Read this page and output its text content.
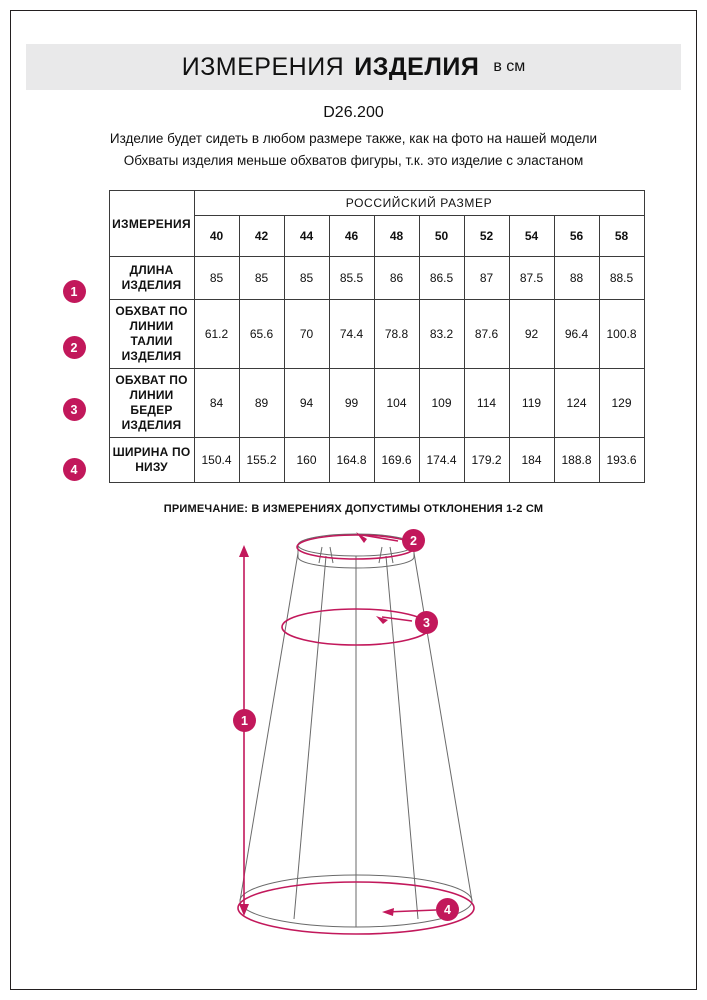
ИЗМЕРЕНИЯ ИЗДЕЛИЯ в см
D26.200
Изделие будет сидеть в любом размере также, как на фото на нашей модели
Обхваты изделия меньше обхватов фигуры, т.к. это изделие с эластаном
1
2
3
4
ИЗМЕРЕНИЯ	РОССИЙСКИЙ РАЗМЕР									
	40	42	44	46	48	50	52	54	56	58
ДЛИНА ИЗДЕЛИЯ	85	85	85	85.5	86	86.5	87	87.5	88	88.5
ОБХВАТ ПО ЛИНИИ ТАЛИИ ИЗДЕЛИЯ	61.2	65.6	70	74.4	78.8	83.2	87.6	92	96.4	100.8
ОБХВАТ ПО ЛИНИИ БЕДЕР ИЗДЕЛИЯ	84	89	94	99	104	109	114	119	124	129
ШИРИНА ПО НИЗУ	150.4	155.2	160	164.8	169.6	174.4	179.2	184	188.8	193.6
ПРИМЕЧАНИЕ: В ИЗМЕРЕНИЯХ ДОПУСТИМЫ ОТКЛОНЕНИЯ 1-2 СМ
2
3
1
4
